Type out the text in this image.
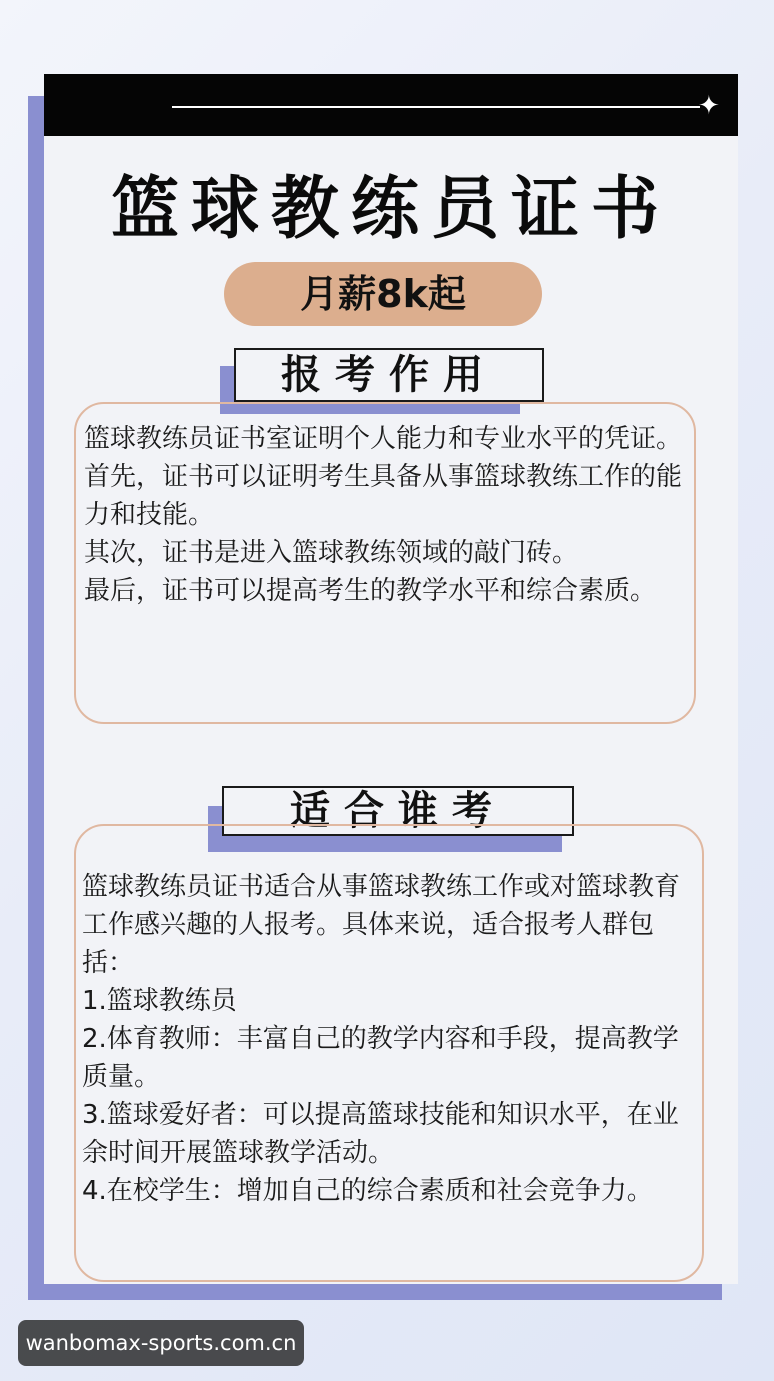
✦
篮球教练员证书
月薪8k起
报考作用

篮球教练员证书室证明个人能力和专业水平的凭证。首先，证书可以证明考生具备从事篮球教练工作的能力和技能。

其次，证书是进入篮球教练领域的敲门砖。

最后，证书可以提高考生的教学水平和综合素质。

适合谁考

篮球教练员证书适合从事篮球教练工作或对篮球教育工作感兴趣的人报考。具体来说，适合报考人群包括：

1.篮球教练员

2.体育教师：丰富自己的教学内容和手段，提高教学质量。

3.篮球爱好者：可以提高篮球技能和知识水平，在业余时间开展篮球教学活动。

4.在校学生：增加自己的综合素质和社会竞争力。

wanbomax-sports.com.cn
